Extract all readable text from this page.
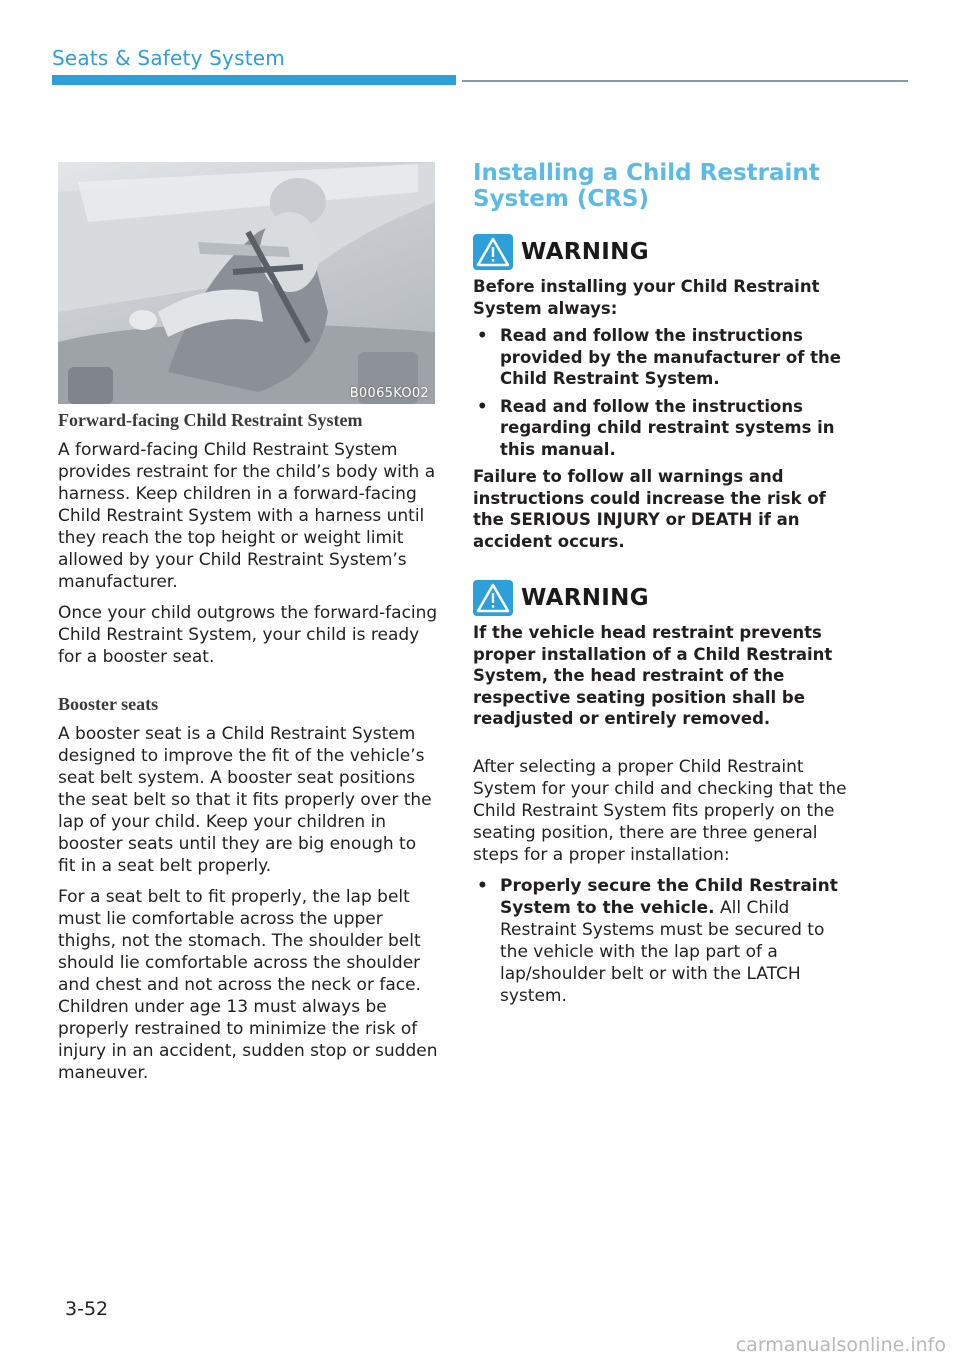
Seats & Safety System
B0065KO02
Forward-facing Child Restraint System

A forward-facing Child Restraint System provides restraint for the child’s body with a harness. Keep children in a forward-facing Child Restraint System with a harness until they reach the top height or weight limit allowed by your Child Restraint System’s manufacturer.

Once your child outgrows the forward-facing Child Restraint System, your child is ready for a booster seat.

Booster seats

A booster seat is a Child Restraint System designed to improve the fit of the vehicle’s seat belt system. A booster seat positions the seat belt so that it fits properly over the lap of your child. Keep your children in booster seats until they are big enough to fit in a seat belt properly.

For a seat belt to fit properly, the lap belt must lie comfortable across the upper thighs, not the stomach. The shoulder belt should lie comfortable across the shoulder and chest and not across the neck or face. Children under age 13 must always be properly restrained to minimize the risk of injury in an accident, sudden stop or sudden maneuver.

Installing a Child Restraint System (CRS)
WARNING
Before installing your Child Restraint System always:
• Read and follow the instructions provided by the manufacturer of the Child Restraint System.
• Read and follow the instructions regarding child restraint systems in this manual.
Failure to follow all warnings and instructions could increase the risk of the SERIOUS INJURY or DEATH if an accident occurs.
WARNING
If the vehicle head restraint prevents proper installation of a Child Restraint System, the head restraint of the respective seating position shall be readjusted or entirely removed.

After selecting a proper Child Restraint System for your child and checking that the Child Restraint System fits properly on the seating position, there are three general steps for a proper installation:

• Properly secure the Child Restraint System to the vehicle. All Child Restraint Systems must be secured to the vehicle with the lap part of a lap/shoulder belt or with the LATCH system.
3-52
carmanualsonline.info
